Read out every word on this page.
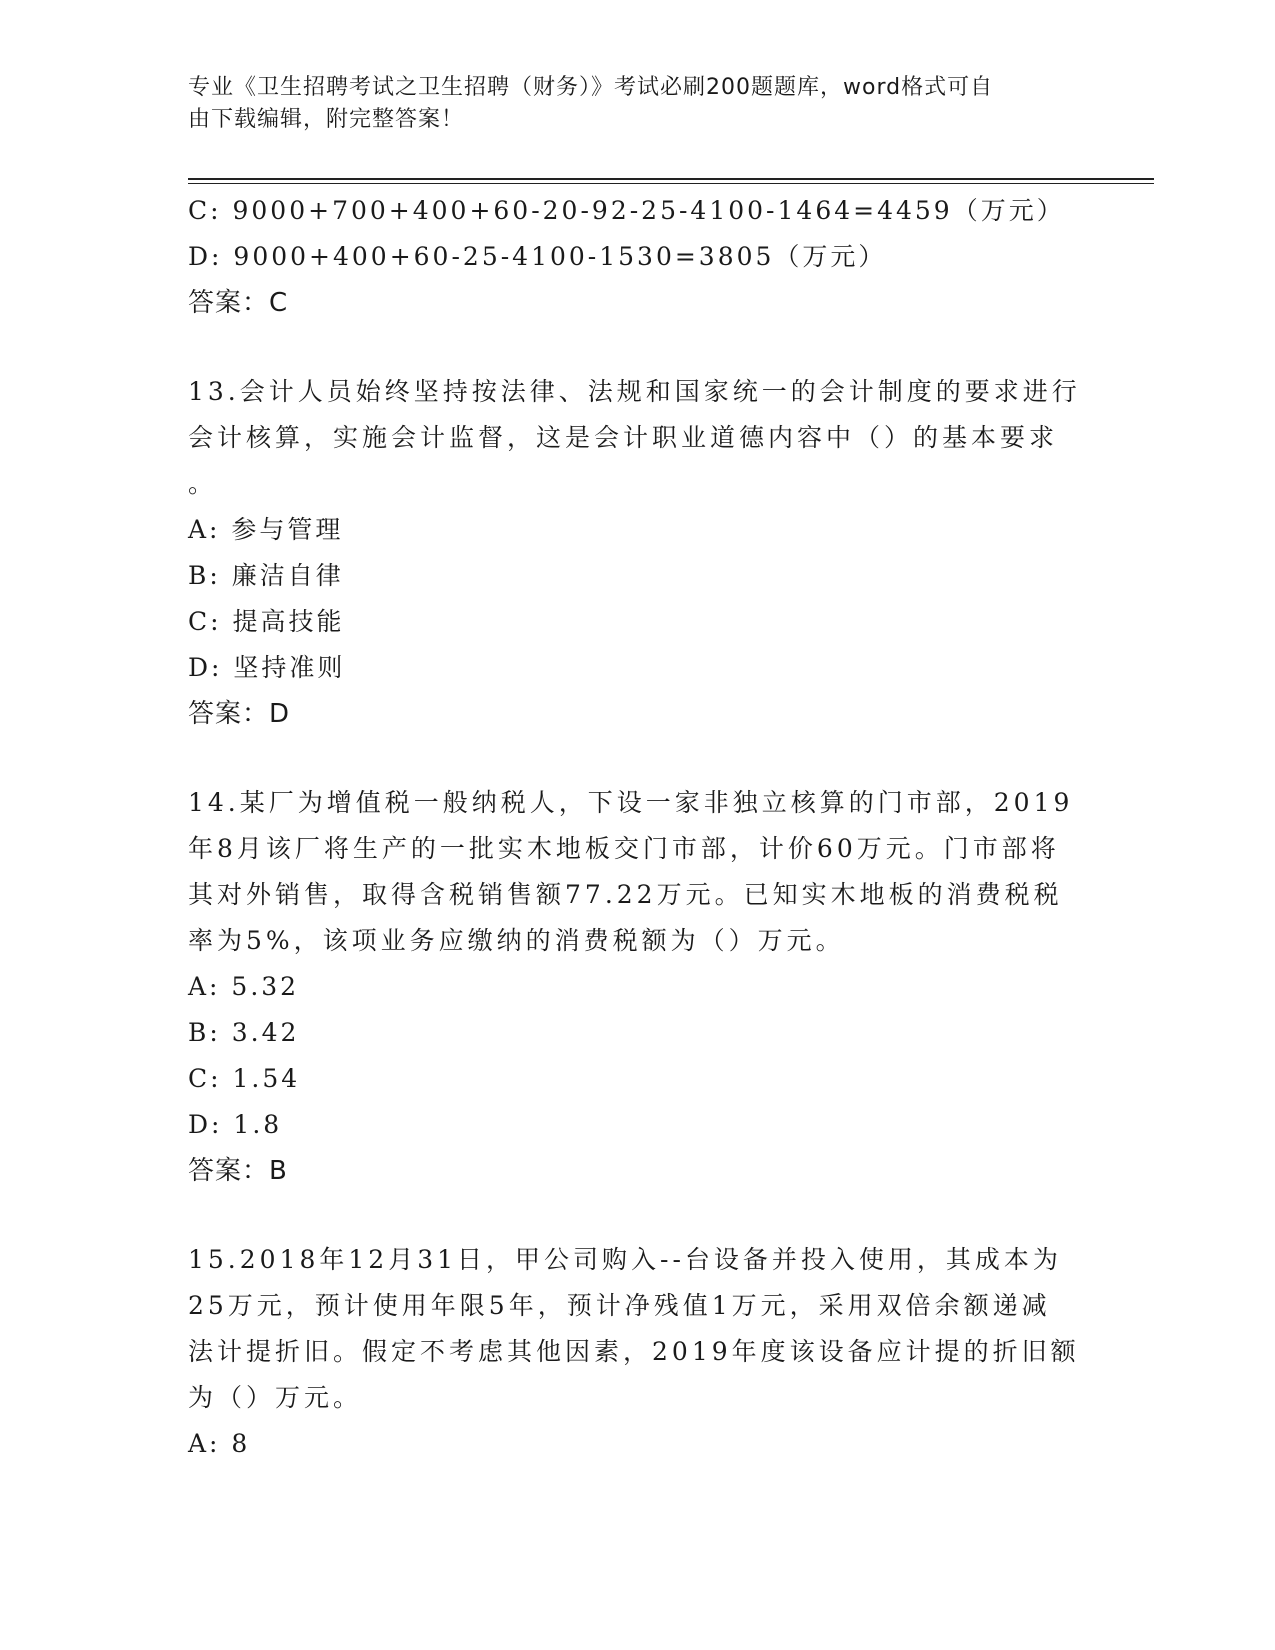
专业《卫生招聘考试之卫生招聘（财务）》考试必刷200题题库，word格式可自
由下载编辑，附完整答案！
C: 9000+700+400+60-20-92-25-4100-1464=4459（万元）
D: 9000+400+60-25-4100-1530=3805（万元）
答案：C
13.会计人员始终坚持按法律、法规和国家统一的会计制度的要求进行
会计核算，实施会计监督，这是会计职业道德内容中（）的基本要求
。
A: 参与管理
B: 廉洁自律
C: 提高技能
D: 坚持准则
答案：D
14.某厂为增值税一般纳税人，下设一家非独立核算的门市部，2019
年8月该厂将生产的一批实木地板交门市部，计价60万元。门市部将
其对外销售，取得含税销售额77.22万元。已知实木地板的消费税税
率为5%，该项业务应缴纳的消费税额为（）万元。
A: 5.32
B: 3.42
C: 1.54
D: 1.8
答案：B
15.2018年12月31日，甲公司购入--台设备并投入使用，其成本为
25万元，预计使用年限5年，预计净残值1万元，采用双倍余额递减
法计提折旧。假定不考虑其他因素，2019年度该设备应计提的折旧额
为（）万元。
A: 8
